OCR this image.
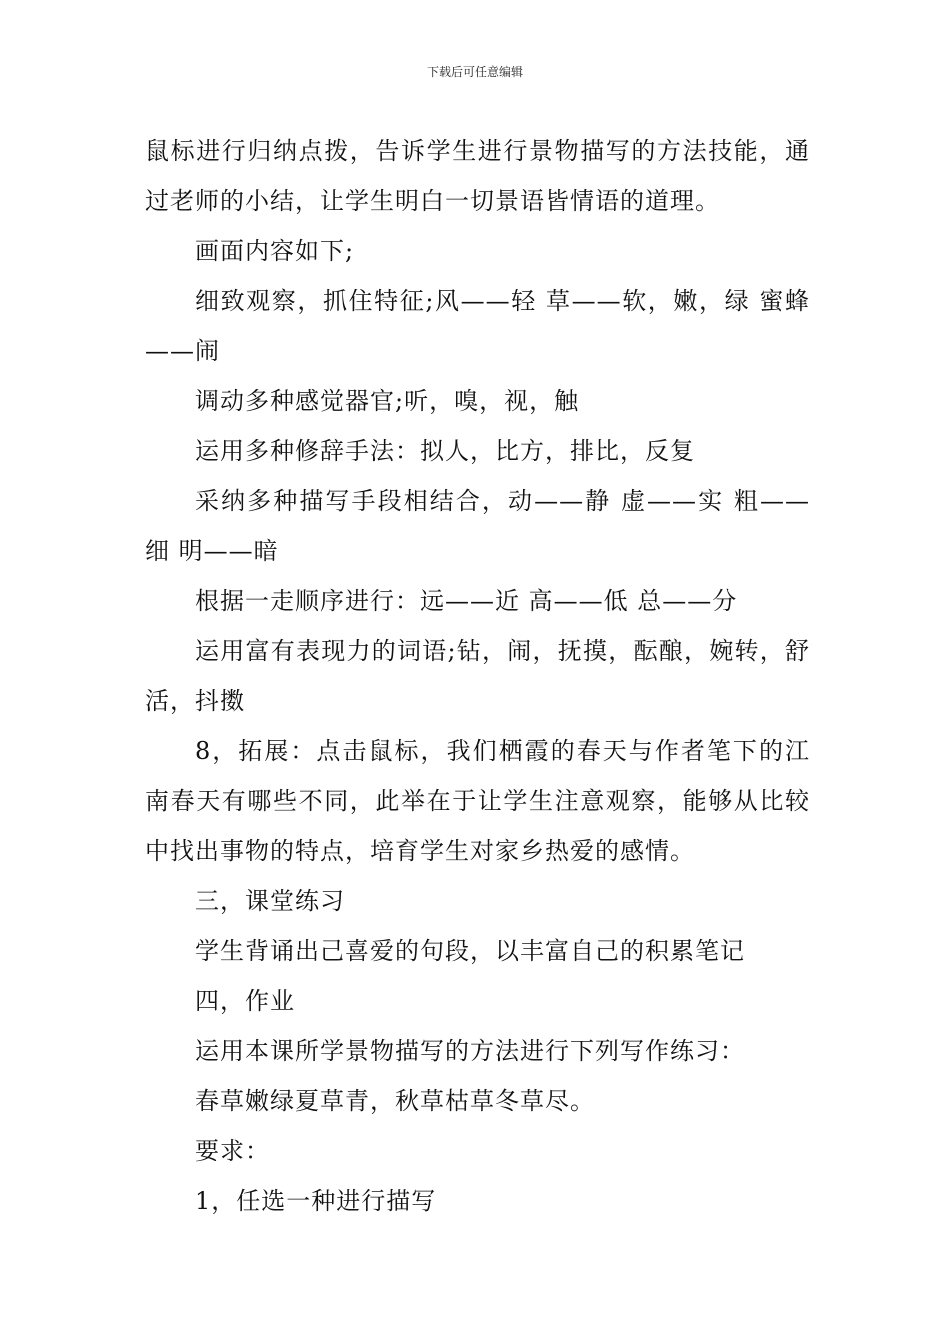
下载后可任意编辑

鼠标进行归纳点拨，告诉学生进行景物描写的方法技能，通过老师的小结，让学生明白一切景语皆情语的道理。

画面内容如下;

细致观察，抓住特征;风——轻 草——软，嫩，绿 蜜蜂——闹

调动多种感觉器官;听，嗅，视，触

运用多种修辞手法：拟人，比方，排比，反复

采纳多种描写手段相结合，动——静 虚——实 粗——细 明——暗

根据一走顺序进行：远——近 高——低 总——分

运用富有表现力的词语;钻，闹，抚摸，酝酿，婉转，舒活，抖擞

8，拓展：点击鼠标，我们栖霞的春天与作者笔下的江南春天有哪些不同，此举在于让学生注意观察，能够从比较中找出事物的特点，培育学生对家乡热爱的感情。

三，课堂练习

学生背诵出己喜爱的句段，以丰富自己的积累笔记

四，作业

运用本课所学景物描写的方法进行下列写作练习：

春草嫩绿夏草青，秋草枯草冬草尽。

要求：

1，任选一种进行描写
